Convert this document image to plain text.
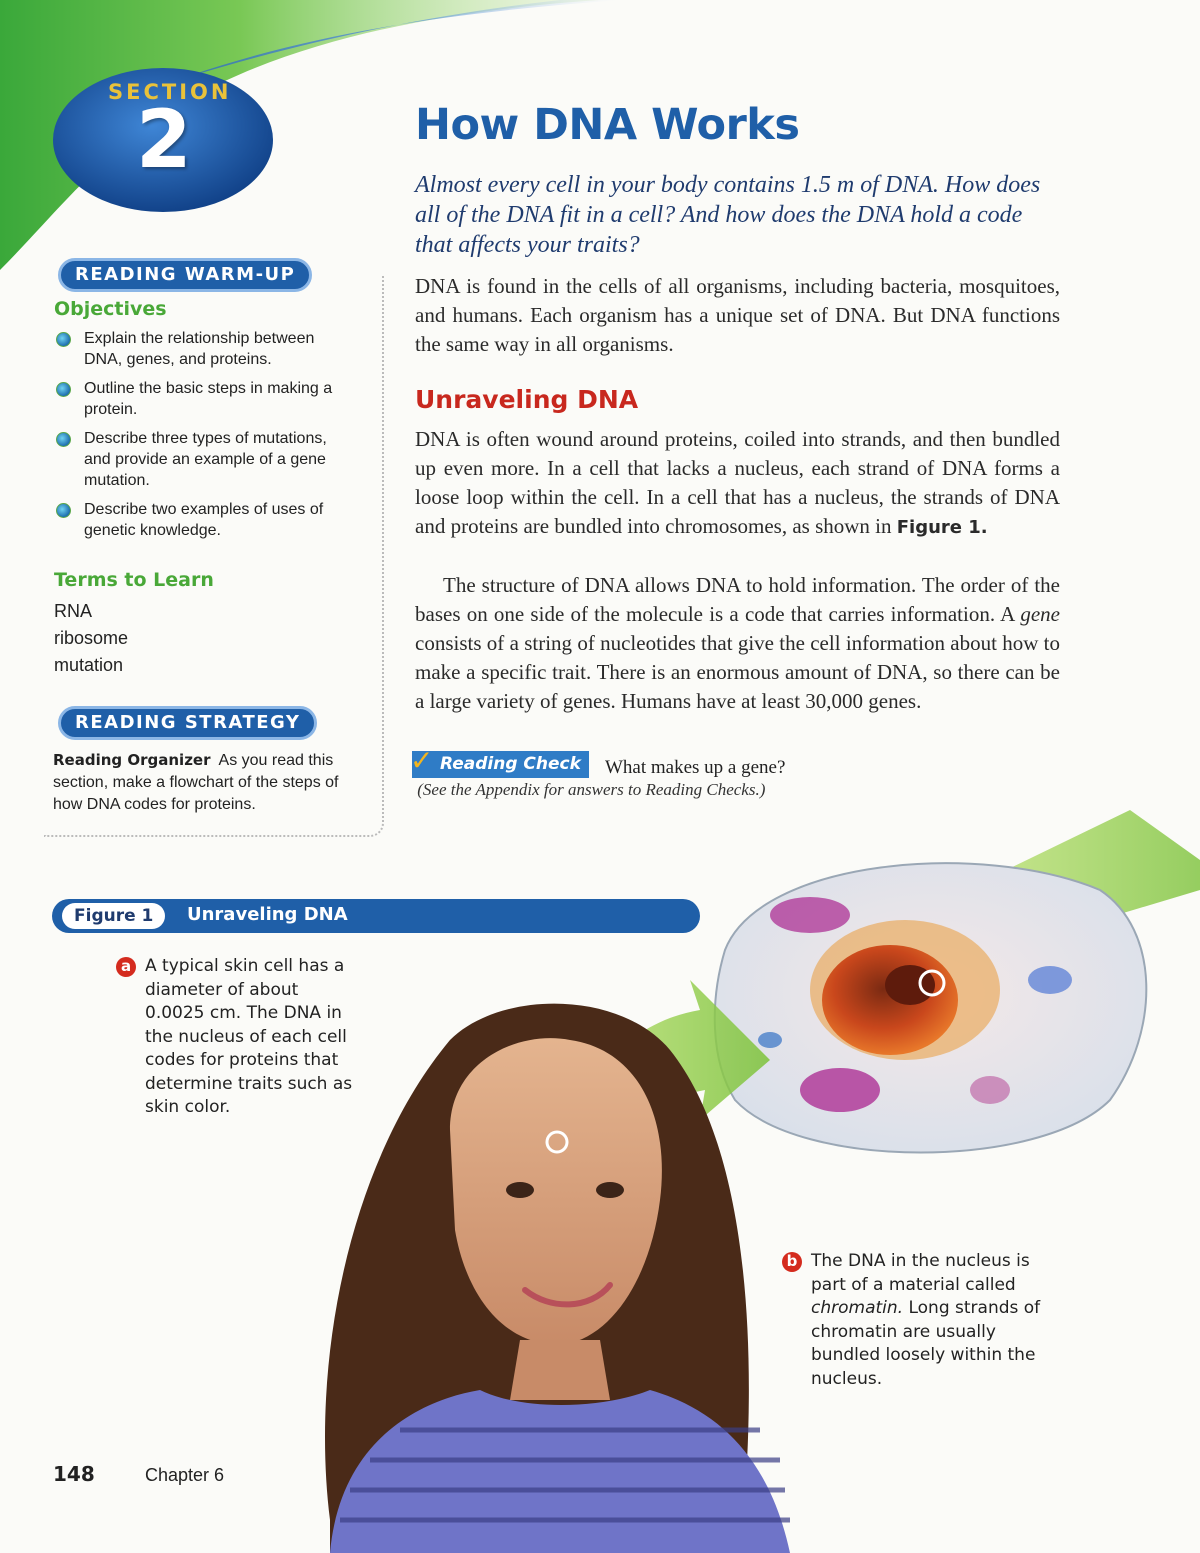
SECTION
2	How DNA Works

Almost every cell in your body contains 1.5 m of DNA. How does all of the DNA fit in a cell? And how does the DNA hold a code that affects your traits?

DNA is found in the cells of all organisms, including bacteria, mosquitoes, and humans. Each organism has a unique set of DNA. But DNA functions the same way in all organisms.

Unraveling DNA

DNA is often wound around proteins, coiled into strands, and then bundled up even more. In a cell that lacks a nucleus, each strand of DNA forms a loose loop within the cell. In a cell that has a nucleus, the strands of DNA and proteins are bundled into chromosomes, as shown in Figure 1.

The structure of DNA allows DNA to hold information. The order of the bases on one side of the molecule is a code that carries information. A gene consists of a string of nucleotides that give the cell information about how to make a specific trait. There is an enormous amount of DNA, so there can be a large variety of genes. Humans have at least 30,000 genes.

Reading Check
✓	What makes up a gene?
(See the Appendix for answers to Reading Checks.)
READING WARM-UP
Objectives
Explain the relationship between DNA, genes, and proteins.
Outline the basic steps in making a protein.
Describe three types of mutations, and provide an example of a gene mutation.
Describe two examples of uses of genetic knowledge.
Terms to Learn
RNA
ribosome
mutation
READING STRATEGY

Reading Organizer As you read this section, make a flowchart of the steps of how DNA codes for proteins.

Figure 1	Unraveling DNA
a A typical skin cell has a diameter of about 0.0025 cm. The DNA in the nucleus of each cell codes for proteins that determine traits such as skin color.

b The DNA in the nucleus is part of a material called chromatin. Long strands of chromatin are usually bundled loosely within the nucleus.

148	Chapter 6
